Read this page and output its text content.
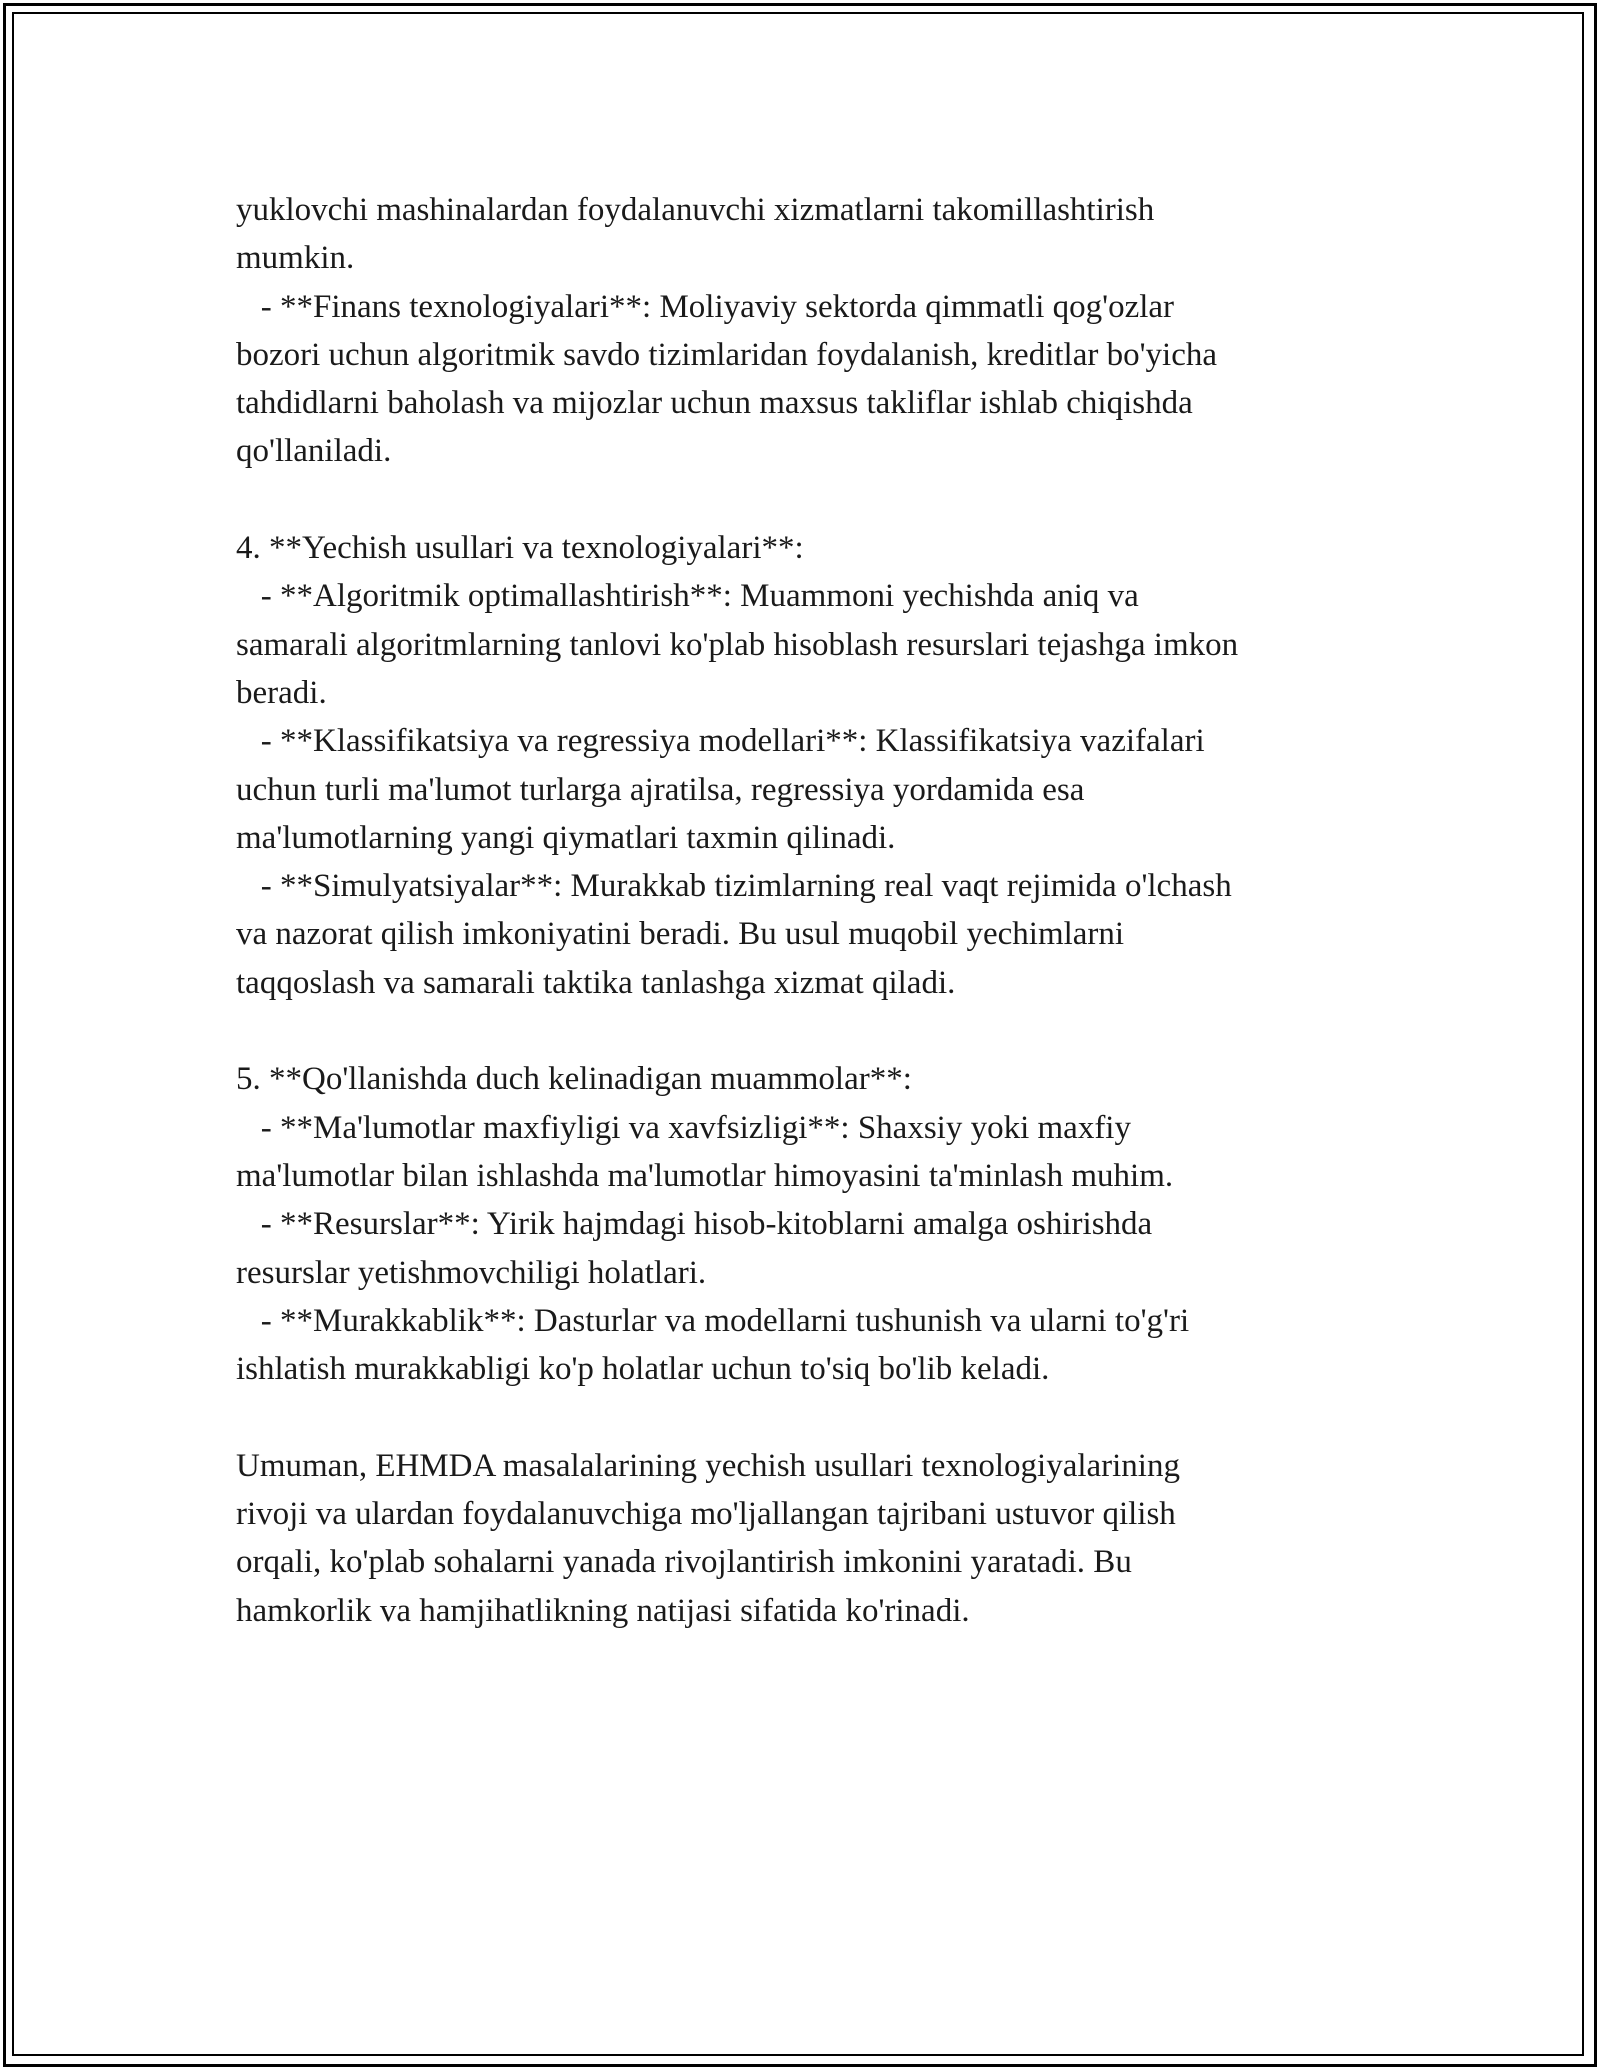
yuklovchi mashinalardan foydalanuvchi xizmatlarni takomillashtirish
mumkin.
- **Finans texnologiyalari**: Moliyaviy sektorda qimmatli qog'ozlar
bozori uchun algoritmik savdo tizimlaridan foydalanish, kreditlar bo'yicha
tahdidlarni baholash va mijozlar uchun maxsus takliflar ishlab chiqishda
qo'llaniladi.
4. **Yechish usullari va texnologiyalari**:
- **Algoritmik optimallashtirish**: Muammoni yechishda aniq va
samarali algoritmlarning tanlovi ko'plab hisoblash resurslari tejashga imkon
beradi.
- **Klassifikatsiya va regressiya modellari**: Klassifikatsiya vazifalari
uchun turli ma'lumot turlarga ajratilsa, regressiya yordamida esa
ma'lumotlarning yangi qiymatlari taxmin qilinadi.
- **Simulyatsiyalar**: Murakkab tizimlarning real vaqt rejimida o'lchash
va nazorat qilish imkoniyatini beradi. Bu usul muqobil yechimlarni
taqqoslash va samarali taktika tanlashga xizmat qiladi.
5. **Qo'llanishda duch kelinadigan muammolar**:
- **Ma'lumotlar maxfiyligi va xavfsizligi**: Shaxsiy yoki maxfiy
ma'lumotlar bilan ishlashda ma'lumotlar himoyasini ta'minlash muhim.
- **Resurslar**: Yirik hajmdagi hisob-kitoblarni amalga oshirishda
resurslar yetishmovchiligi holatlari.
- **Murakkablik**: Dasturlar va modellarni tushunish va ularni to'g'ri
ishlatish murakkabligi ko'p holatlar uchun to'siq bo'lib keladi.
Umuman, EHMDA masalalarining yechish usullari texnologiyalarining
rivoji va ulardan foydalanuvchiga mo'ljallangan tajribani ustuvor qilish
orqali, ko'plab sohalarni yanada rivojlantirish imkonini yaratadi. Bu
hamkorlik va hamjihatlikning natijasi sifatida ko'rinadi.
